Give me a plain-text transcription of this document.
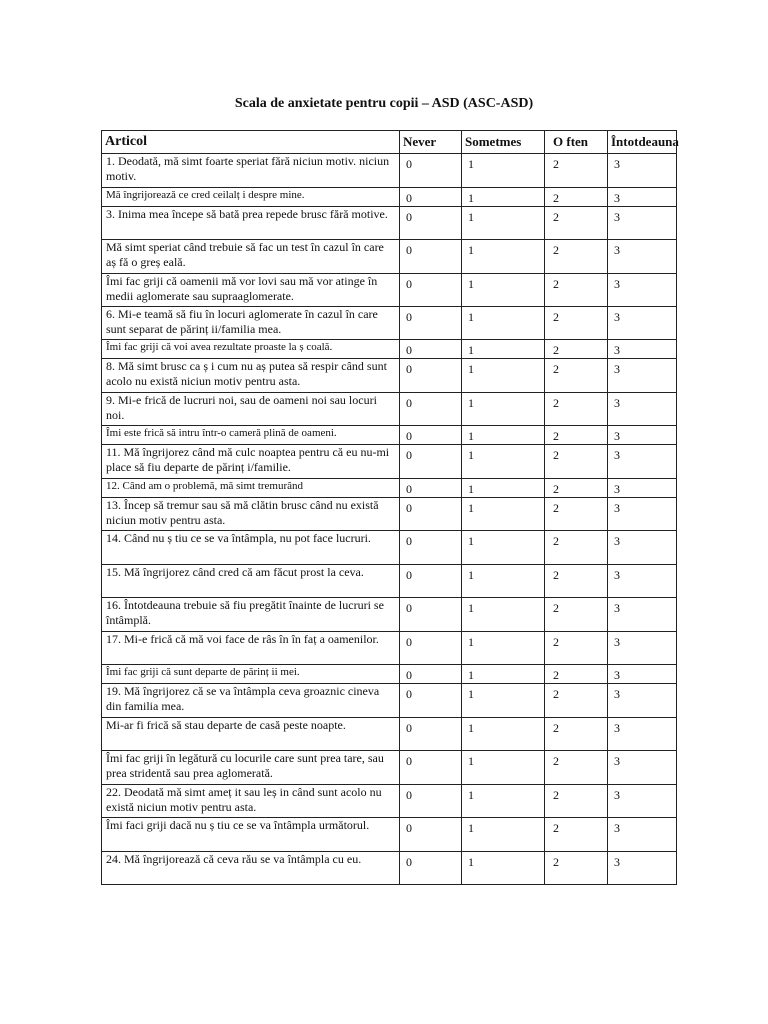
Scala de anxietate pentru copii – ASD (ASC-ASD)
Articol	Never	Sometmes	O ften	Întotdeauna
1. Deodată, mă simt foarte speriat fără niciun motiv. niciun motiv.	0	1	2	3
Mă îngrijorează ce cred ceilalț i despre mine.	0	1	2	3
3. Inima mea începe să bată prea repede brusc fără motive.	0	1	2	3
Mă simt speriat când trebuie să fac un test în cazul în care aș fă o greș eală.	0	1	2	3
Îmi fac griji că oamenii mă vor lovi sau mă vor atinge în medii aglomerate sau supraaglomerate.	0	1	2	3
6. Mi-e teamă să fiu în locuri aglomerate în cazul în care sunt separat de părinț ii/familia mea.	0	1	2	3
Îmi fac griji că voi avea rezultate proaste la ș coală.	0	1	2	3
8. Mă simt brusc ca ș i cum nu aș putea să respir când sunt acolo nu există niciun motiv pentru asta.	0	1	2	3
9. Mi-e frică de lucruri noi, sau de oameni noi sau locuri noi.	0	1	2	3
Îmi este frică să intru într-o cameră plină de oameni.	0	1	2	3
11. Mă îngrijorez când mă culc noaptea pentru că eu nu-mi place să fiu departe de părinț i/familie.	0	1	2	3
12. Când am o problemă, mă simt tremurând	0	1	2	3
13. Încep să tremur sau să mă clătin brusc când nu există niciun motiv pentru asta.	0	1	2	3
14. Când nu ș tiu ce se va întâmpla, nu pot face lucruri.	0	1	2	3
15. Mă îngrijorez când cred că am făcut prost la ceva.	0	1	2	3
16. Întotdeauna trebuie să fiu pregătit înainte de lucruri se întâmplă.	0	1	2	3
17. Mi-e frică că mă voi face de râs în în faț a oamenilor.	0	1	2	3
Îmi fac griji că sunt departe de părinț ii mei.	0	1	2	3
19. Mă îngrijorez că se va întâmpla ceva groaznic cineva din familia mea.	0	1	2	3
Mi-ar fi frică să stau departe de casă peste noapte.	0	1	2	3
Îmi fac griji în legătură cu locurile care sunt prea tare, sau prea stridentă sau prea aglomerată.	0	1	2	3
22. Deodată mă simt ameț it sau leș in când sunt acolo nu există niciun motiv pentru asta.	0	1	2	3
Îmi faci griji dacă nu ș tiu ce se va întâmpla următorul.	0	1	2	3
24. Mă îngrijorează că ceva rău se va întâmpla cu eu.	0	1	2	3
